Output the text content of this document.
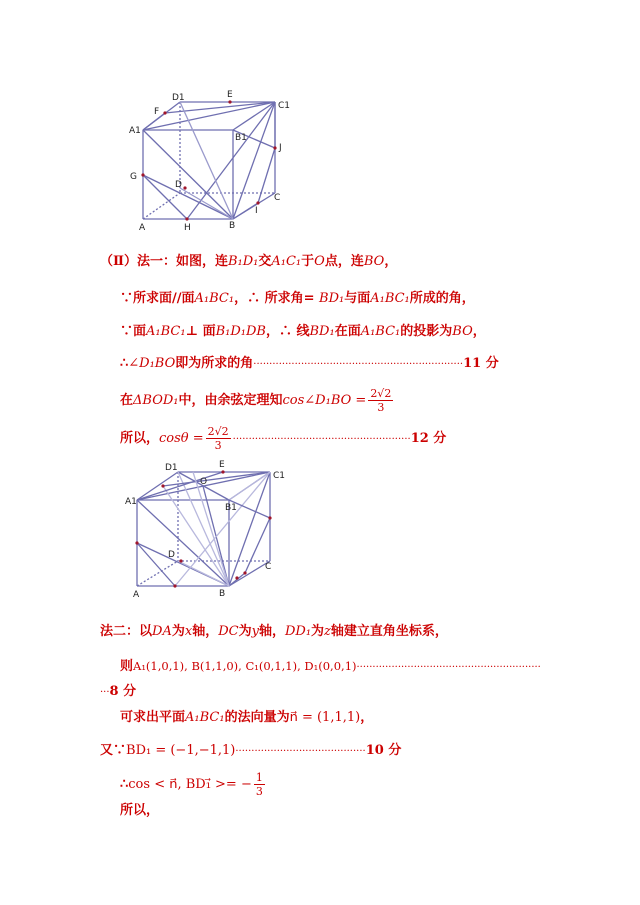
D1	E
C1
F
A1
B1
J
G
D
C
I
A	H	B
（Ⅱ）法一：如图，连B₁D₁交A₁C₁于O点，连BO，
∵所求面//面A₁BC₁，∴ 所求角= BD₁与面A₁BC₁所成的角，
∵面A₁BC₁⊥ 面B₁D₁DB，∴ 线BD₁在面A₁BC₁的投影为BO，
∴∠D₁BO即为所求的角··································································11 分
在ΔBOD₁中，由余弦定理知cos∠D₁BO = $\frac{2√2}{3}$
所以，$\cos\theta = \frac{2√2}{3} \cdot\cdot\cdot\cdot\cdot\cdot\cdot\cdot\cdot\cdot\cdot\cdot\cdot\cdot\cdot\cdot\cdot\cdot\cdot\cdot\cdot\cdot\cdot\cdot\cdot\cdot\cdot\cdot\cdot\cdot\cdot\cdot\cdot\cdot\cdot\cdot\cdot\cdot\cdot\cdot\cdot\cdot\cdot\cdot\cdot\cdot\cdot\cdot\cdot\cdot\cdot\cdot\cdot\cdot\cdot\cdot 12$ 分
D1	E
C1
O
A1
B1
D
C
A	B
法二：以DA为x轴，DC为y轴，DD₁为z轴建立直角坐标系，
则A₁(1,0,1), B(1,1,0), C₁(0,1,1), D₁(0,0,1)··························································
···8 分
可求出平面A₁BC₁的法向量为n⃗ = (1,1,1)，
又∵BD₁ = (−1,−1,1)·········································10 分
∴cos < n⃗, BD₁⃗ >= − $\frac{1}{3}$
所以，
